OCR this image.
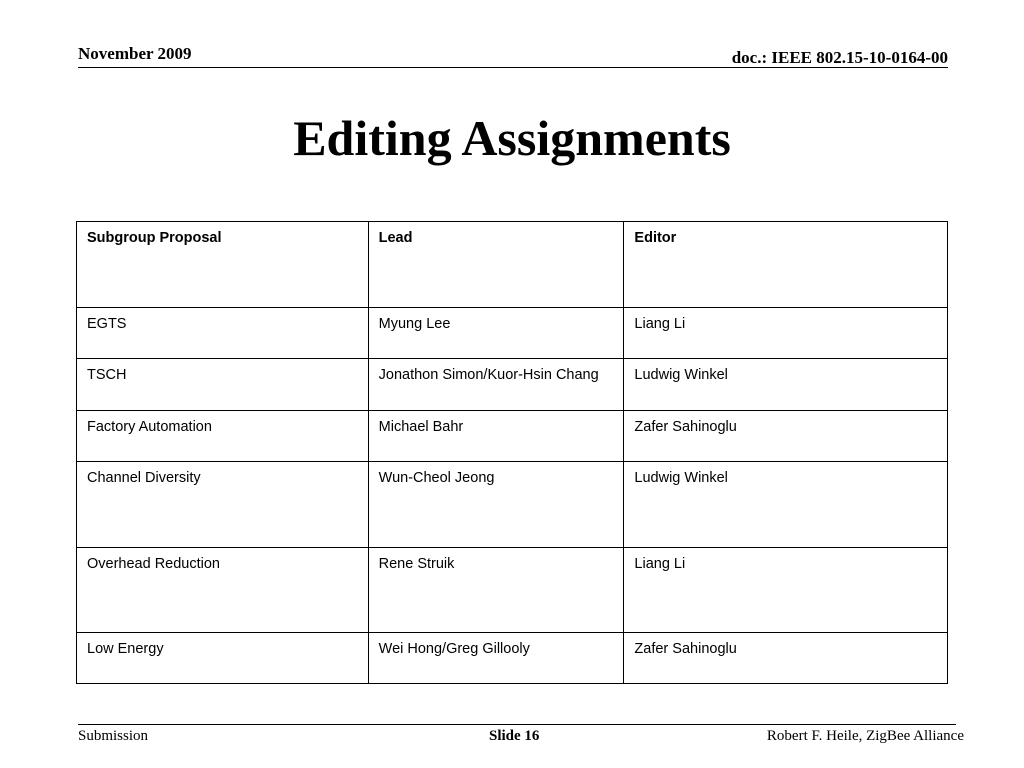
November 2009	doc.: IEEE 802.15-10-0164-00
Editing Assignments
Subgroup Proposal	Lead	Editor
EGTS	Myung Lee	Liang Li
TSCH	Jonathon Simon/Kuor-Hsin Chang	Ludwig Winkel
Factory Automation	Michael Bahr	Zafer Sahinoglu
Channel Diversity	Wun-Cheol Jeong	Ludwig Winkel
Overhead Reduction	Rene Struik	Liang Li
Low Energy	Wei Hong/Greg Gillooly	Zafer Sahinoglu
Submission	Slide 16	Robert F. Heile, ZigBee Alliance
